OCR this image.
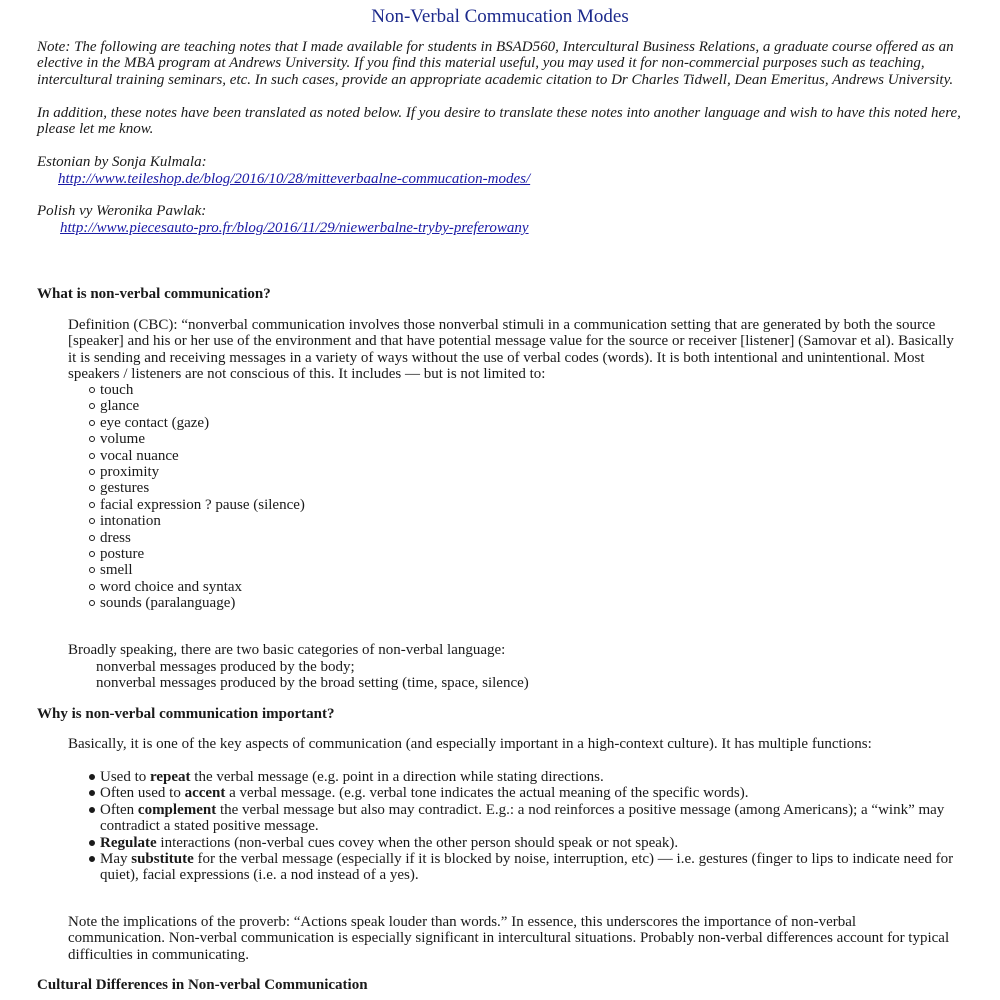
Non-Verbal Commucation Modes
Note: The following are teaching notes that I made available for students in BSAD560, Intercultural Business Relations, a graduate course offered as an elective in the MBA program at Andrews University. If you find this material useful, you may used it for non-commercial purposes such as teaching, intercultural training seminars, etc. In such cases, provide an appropriate academic citation to Dr Charles Tidwell, Dean Emeritus, Andrews University.
In addition, these notes have been translated as noted below. If you desire to translate these notes into another language and wish to have this noted here, please let me know.
Estonian by Sonja Kulmala:
http://www.teileshop.de/blog/2016/10/28/mitteverbaalne-commucation-modes/
Polish vy Weronika Pawlak:
http://www.piecesauto-pro.fr/blog/2016/11/29/niewerbalne-tryby-preferowany
What is non-verbal communication?
Definition (CBC): “nonverbal communication involves those nonverbal stimuli in a communication setting that are generated by both the source [speaker] and his or her use of the environment and that have potential message value for the source or receiver [listener] (Samovar et al). Basically it is sending and receiving messages in a variety of ways without the use of verbal codes (words). It is both intentional and unintentional. Most speakers / listeners are not conscious of this. It includes — but is not limited to:
touch
glance
eye contact (gaze)
volume
vocal nuance
proximity
gestures
facial expression ? pause (silence)
intonation
dress
posture
smell
word choice and syntax
sounds (paralanguage)
Broadly speaking, there are two basic categories of non-verbal language:
nonverbal messages produced by the body;
nonverbal messages produced by the broad setting (time, space, silence)
Why is non-verbal communication important?
Basically, it is one of the key aspects of communication (and especially important in a high-context culture). It has multiple functions:
Used to repeat the verbal message (e.g. point in a direction while stating directions.
Often used to accent a verbal message. (e.g. verbal tone indicates the actual meaning of the specific words).
Often complement the verbal message but also may contradict. E.g.: a nod reinforces a positive message (among Americans); a “wink” may contradict a stated positive message.
Regulate interactions (non-verbal cues covey when the other person should speak or not speak).
May substitute for the verbal message (especially if it is blocked by noise, interruption, etc) — i.e. gestures (finger to lips to indicate need for quiet), facial expressions (i.e. a nod instead of a yes).
Note the implications of the proverb: “Actions speak louder than words.” In essence, this underscores the importance of non-verbal communication. Non-verbal communication is especially significant in intercultural situations. Probably non-verbal differences account for typical difficulties in communicating.
Cultural Differences in Non-verbal Communication
